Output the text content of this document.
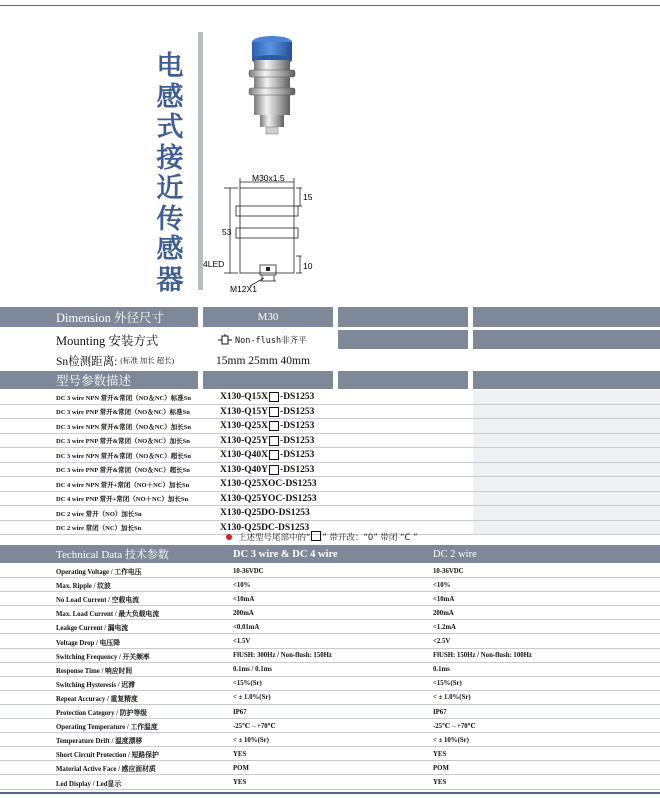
电感式接近传感器
M30x1.5
15
53
10
4LED
M12X1
Dimension 外径尺寸	M30
Mounting 安装方式	Non-flush非齐平
Sn检测距离: (标准 加长 超长)	15mm 25mm 40mm
型号参数描述
DC 3 wire NPN 常开&常闭（NO＆NC）标准Sn	X130-Q15X -DS1253
DC 3 wire PNP 常开&常闭（NO＆NC）标准Sn	X130-Q15Y -DS1253
DC 3 wire NPN 常开&常闭（NO＆NC）加长Sn	X130-Q25X -DS1253
DC 3 wire PNP 常开&常闭（NO＆NC）加长Sn	X130-Q25Y -DS1253
DC 3 wire NPN 常开&常闭（NO＆NC）超长Sn	X130-Q40X -DS1253
DC 3 wire PNP 常开&常闭（NO＆NC）超长Sn	X130-Q40Y -DS1253
DC 4 wire NPN 常开+常闭（NO＋NC）加长Sn	X130-Q25XOC-DS1253
DC 4 wire PNP 常开+常闭（NO＋NC）加长Sn	X130-Q25YOC-DS1253
DC 2 wire 常开（NO）加长Sn	X130-Q25DO-DS1253
DC 2 wire 常闭（NC）加长Sn	X130-Q25DC-DS1253
上述型号尾部中的“ ” 带开改：“0” 带闭 “C ”
Technical Data 技术参数	DC 3 wire & DC 4 wire	DC 2 wire
Operating Voltage / 工作电压	10-36VDC	10-36VDC
Max. Ripple / 纹波	<10%	<10%
No Load Current / 空载电流	<10mA	<10mA
Max. Load Current / 最大负载电流	200mA	200mA
Leakge Current / 漏电流	<0.01mA	<1.2mA
Voltage Drop / 电压降	<1.5V	<2.5V
Switching Frequency / 开关频率	FlUSH: 300Hz / Non-flush: 150Hz	FlUSH: 150Hz / Non-flush: 100Hz
Response Time / 响应时间	0.1ms / 0.1ms	0.1ms
Switching Hysteresis / 迟滞	<15%(Sr)	<15%(Sr)
Repeat Accuracy / 重复精度	< ± 1.0%(Sr)	< ± 1.0%(Sr)
Protection Category / 防护等级	IP67	IP67
Operating Temperature / 工作温度	-25℃→+70℃	-25℃→+70℃
Temperature Drift / 温度漂移	< ± 10%(Sr)	< ± 10%(Sr)
Short Circuit Protection / 短路保护	YES	YES
Material Active Face / 感应面材质	POM	POM
Led Display / Led显示	YES	YES
